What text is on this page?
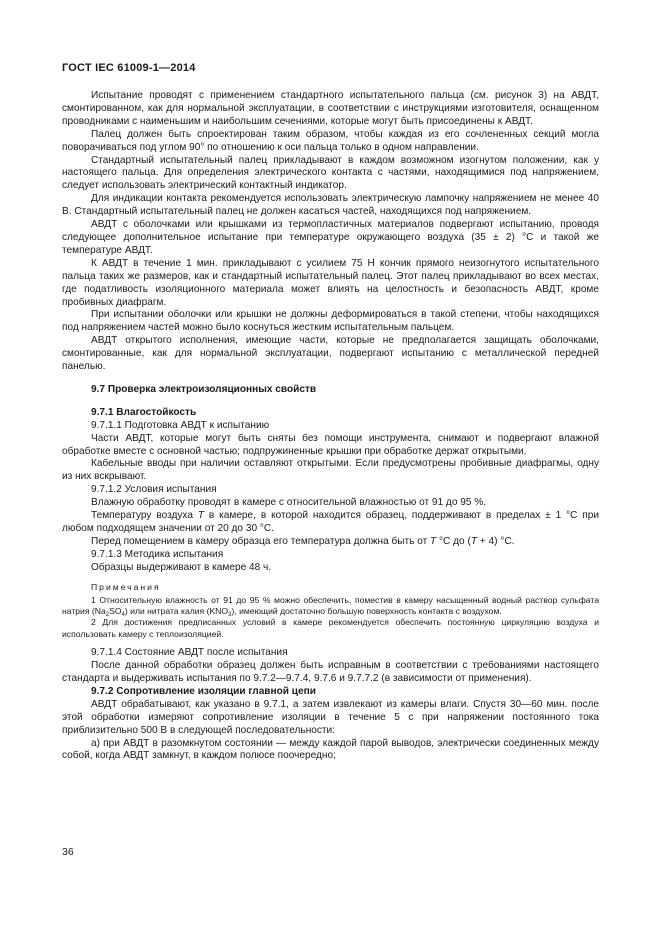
ГОСТ IEC 61009-1—2014

Испытание проводят с применением стандартного испытательного пальца (см. рисунок 3) на АВДТ, смонтированном, как для нормальной эксплуатации, в соответствии с инструкциями изготовителя, оснащенном проводниками с наименьшим и наибольшим сечениями, которые могут быть присоединены к АВДТ.

Палец должен быть спроектирован таким образом, чтобы каждая из его сочлененных секций могла поворачиваться под углом 90° по отношению к оси пальца только в одном направлении.

Стандартный испытательный палец прикладывают в каждом возможном изогнутом положении, как у настоящего пальца. Для определения электрического контакта с частями, находящимися под напряжением, следует использовать электрический контактный индикатор.

Для индикации контакта рекомендуется использовать электрическую лампочку напряжением не менее 40 В. Стандартный испытательный палец не должен касаться частей, находящихся под напряжением.

АВДТ с оболочками или крышками из термопластичных материалов подвергают испытанию, проводя следующее дополнительное испытание при температуре окружающего воздуха (35 ± 2) °С и такой же температуре АВДТ.

К АВДТ в течение 1 мин. прикладывают с усилием 75 Н кончик прямого неизогнутого испытательного пальца таких же размеров, как и стандартный испытательный палец. Этот палец прикладывают во всех местах, где податливость изоляционного материала может влиять на целостность и безопасность АВДТ, кроме пробивных диафрагм.

При испытании оболочки или крышки не должны деформироваться в такой степени, чтобы находящихся под напряжением частей можно было коснуться жестким испытательным пальцем.

АВДТ открытого исполнения, имеющие части, которые не предполагается защищать оболочками, смонтированные, как для нормальной эксплуатации, подвергают испытанию с металлической передней панелью.

9.7 Проверка электроизоляционных свойств

9.7.1 Влагостойкость

9.7.1.1 Подготовка АВДТ к испытанию

Части АВДТ, которые могут быть сняты без помощи инструмента, снимают и подвергают влажной обработке вместе с основной частью; подпружиненные крышки при обработке держат открытыми.

Кабельные вводы при наличии оставляют открытыми. Если предусмотрены пробивные диафрагмы, одну из них вскрывают.

9.7.1.2 Условия испытания

Влажную обработку проводят в камере с относительной влажностью от 91 до 95 %.

Температуру воздуха Т в камере, в которой находится образец, поддерживают в пределах ± 1 °С при любом подходящем значении от 20 до 30 °С.

Перед помещением в камеру образца его температура должна быть от Т °С до (Т + 4) °С.

9.7.1.3 Методика испытания

Образцы выдерживают в камере 48 ч.

Примечания

1 Относительную влажность от 91 до 95 % можно обеспечить, поместив в камеру насыщенный водный раствор сульфата натрия $(Na_2SO_4)$ или нитрата калия $(KNO_3)$, имеющий достаточно большую поверхность контакта с воздухом.

2 Для достижения предписанных условий в камере рекомендуется обеспечить постоянную циркуляцию воздуха и использовать камеру с теплоизоляцией.

9.7.1.4 Состояние АВДТ после испытания

После данной обработки образец должен быть исправным в соответствии с требованиями настоящего стандарта и выдерживать испытания по 9.7.2—9.7.4, 9.7.6 и 9.7.7.2 (в зависимости от применения).

9.7.2 Сопротивление изоляции главной цепи

АВДТ обрабатывают, как указано в 9.7.1, а затем извлекают из камеры влаги. Спустя 30—60 мин. после этой обработки измеряют сопротивление изоляции в течение 5 с при напряжении постоянного тока приблизительно 500 В в следующей последовательности:

а) при АВДТ в разомкнутом состоянии — между каждой парой выводов, электрически соединенных между собой, когда АВДТ замкнут, в каждом полюсе поочередно;

36
